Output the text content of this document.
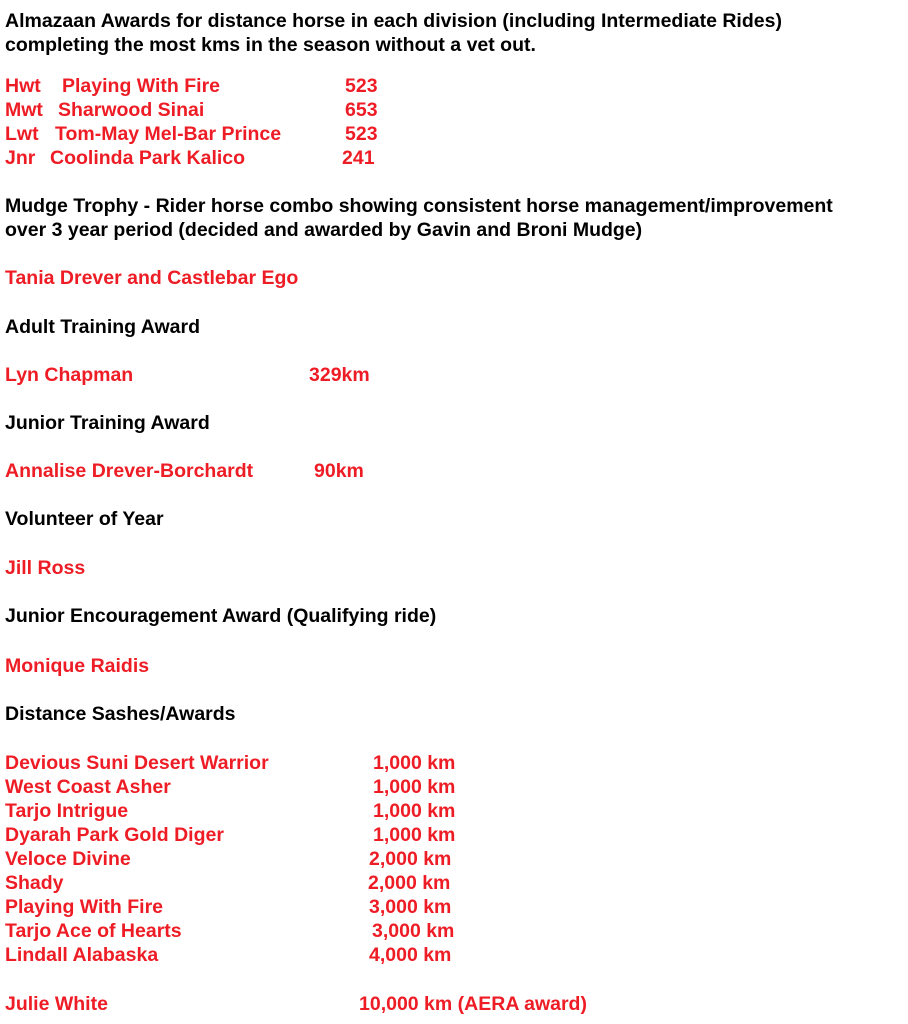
Almazaan Awards for distance horse in each division (including Intermediate Rides)
completing the most kms in the season without a vet out.
Hwt Playing With Fire	523
Mwt Sharwood Sinai	653
Lwt Tom-May Mel-Bar Prince	523
Jnr Coolinda Park Kalico	241
Mudge Trophy - Rider horse combo showing consistent horse management/improvement
over 3 year period (decided and awarded by Gavin and Broni Mudge)
Tania Drever and Castlebar Ego
Adult Training Award
Lyn Chapman	329km
Junior Training Award
Annalise Drever-Borchardt	90km
Volunteer of Year
Jill Ross
Junior Encouragement Award (Qualifying ride)
Monique Raidis
Distance Sashes/Awards
Devious Suni Desert Warrior	1,000 km
West Coast Asher	1,000 km
Tarjo Intrigue	1,000 km
Dyarah Park Gold Diger	1,000 km
Veloce Divine	2,000 km
Shady	2,000 km
Playing With Fire	3,000 km
Tarjo Ace of Hearts	3,000 km
Lindall Alabaska	4,000 km
Julie White	10,000 km (AERA award)
